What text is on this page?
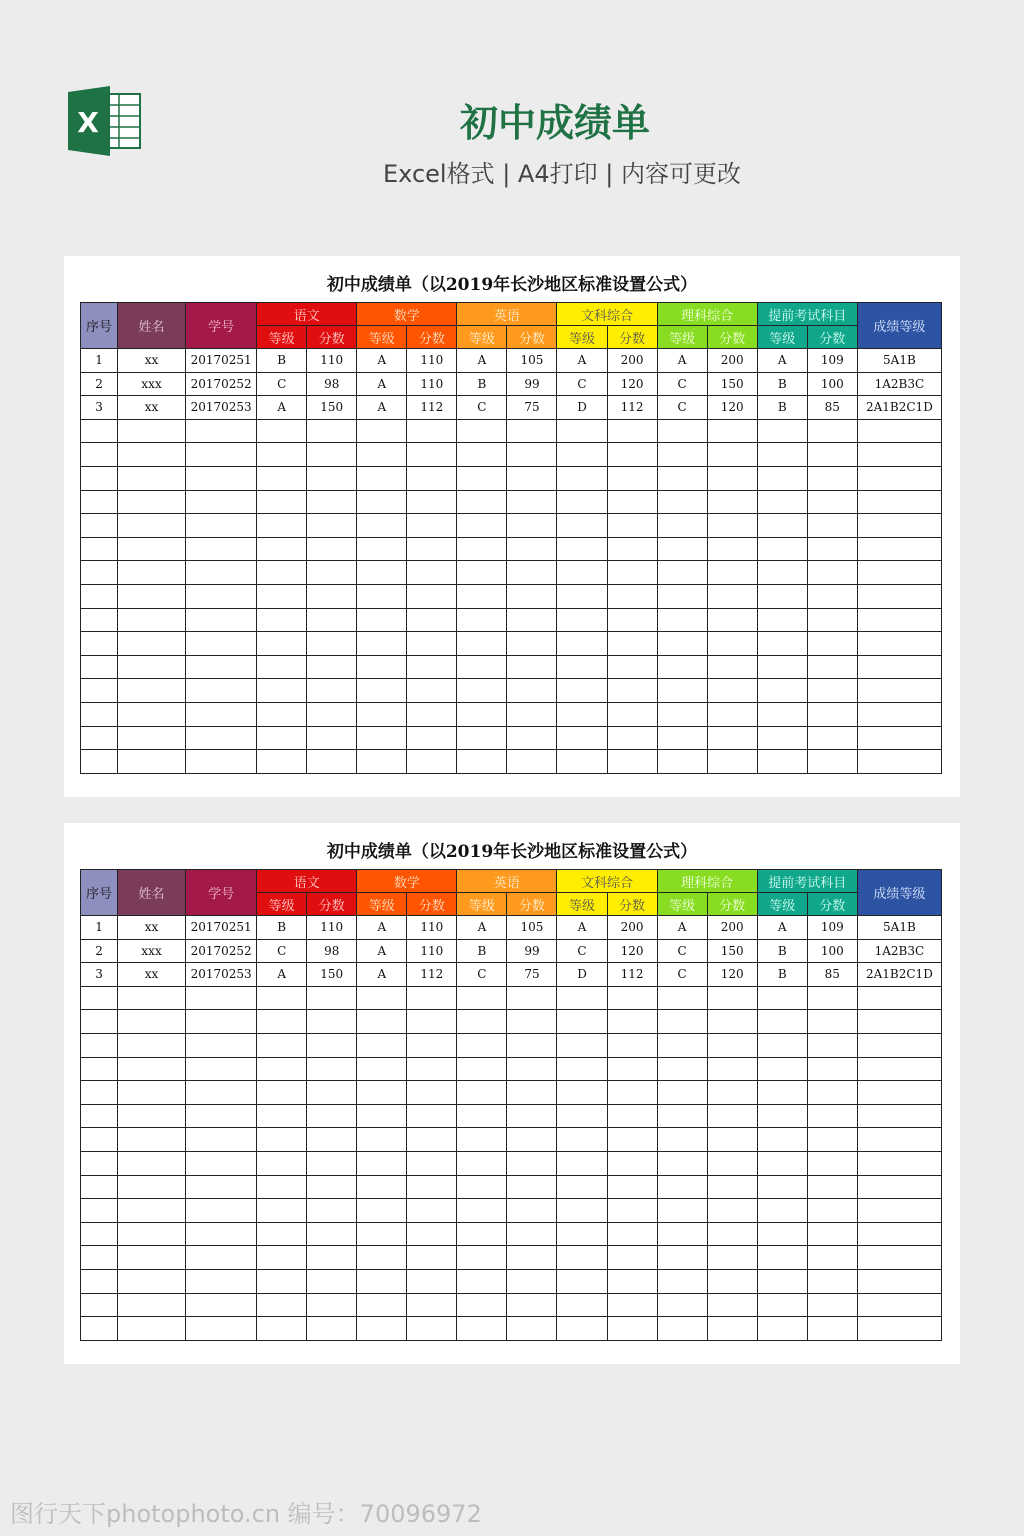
X	初中成绩单
Excel格式 | A4打印 | 内容可更改
初中成绩单（以2019年长沙地区标准设置公式）
序号	姓名	学号	语文		数学		英语		文科综合		理科综合		提前考试科目		成绩等级
			等级	分数	等级	分数	等级	分数	等级	分数	等级	分数	等级	分数	
1	xx	20170251	B	110	A	110	A	105	A	200	A	200	A	109	5A1B
2	xxx	20170252	C	98	A	110	B	99	C	120	C	150	B	100	1A2B3C
3	xx	20170253	A	150	A	112	C	75	D	112	C	120	B	85	2A1B2C1D

初中成绩单（以2019年长沙地区标准设置公式）
序号	姓名	学号	语文		数学		英语		文科综合		理科综合		提前考试科目		成绩等级
			等级	分数	等级	分数	等级	分数	等级	分数	等级	分数	等级	分数	
1	xx	20170251	B	110	A	110	A	105	A	200	A	200	A	109	5A1B
2	xxx	20170252	C	98	A	110	B	99	C	120	C	150	B	100	1A2B3C
3	xx	20170253	A	150	A	112	C	75	D	112	C	120	B	85	2A1B2C1D

图行天下photophoto.cn 编号：70096972
